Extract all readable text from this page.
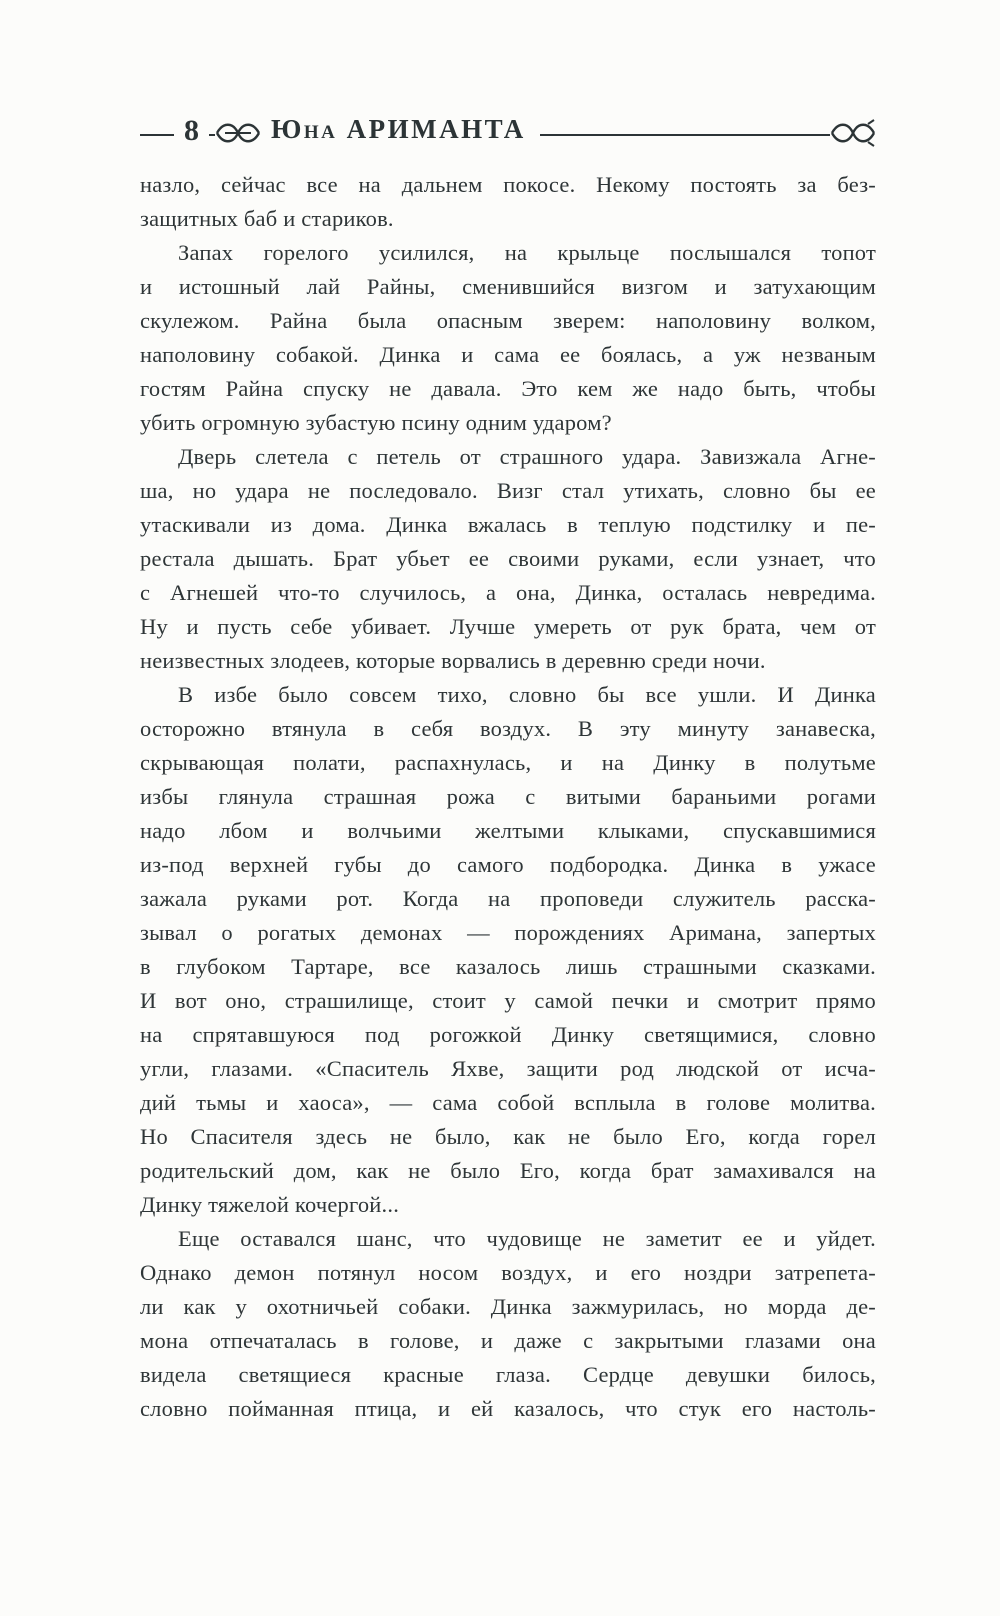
8	Юна АРИМАНТА
назло, сейчас все на дальнем покосе. Некому постоять за без-
защитных баб и стариков.
Запах горелого усилился, на крыльце послышался топот
и истошный лай Райны, сменившийся визгом и затухающим
скулежом. Райна была опасным зверем: наполовину волком,
наполовину собакой. Динка и сама ее боялась, а уж незваным
гостям Райна спуску не давала. Это кем же надо быть, чтобы
убить огромную зубастую псину одним ударом?
Дверь слетела с петель от страшного удара. Завизжала Агне-
ша, но удара не последовало. Визг стал утихать, словно бы ее
утаскивали из дома. Динка вжалась в теплую подстилку и пе-
рестала дышать. Брат убьет ее своими руками, если узнает, что
с Агнешей что-то случилось, а она, Динка, осталась невредима.
Ну и пусть себе убивает. Лучше умереть от рук брата, чем от
неизвестных злодеев, которые ворвались в деревню среди ночи.
В избе было совсем тихо, словно бы все ушли. И Динка
осторожно втянула в себя воздух. В эту минуту занавеска,
скрывающая полати, распахнулась, и на Динку в полутьме
избы глянула страшная рожа с витыми бараньими рогами
надо лбом и волчьими желтыми клыками, спускавшимися
из-под верхней губы до самого подбородка. Динка в ужасе
зажала руками рот. Когда на проповеди служитель расска-
зывал о рогатых демонах — порождениях Аримана, запертых
в глубоком Тартаре, все казалось лишь страшными сказками.
И вот оно, страшилище, стоит у самой печки и смотрит прямо
на спрятавшуюся под рогожкой Динку светящимися, словно
угли, глазами. «Спаситель Яхве, защити род людской от исча-
дий тьмы и хаоса», — сама собой всплыла в голове молитва.
Но Спасителя здесь не было, как не было Его, когда горел
родительский дом, как не было Его, когда брат замахивался на
Динку тяжелой кочергой...
Еще оставался шанс, что чудовище не заметит ее и уйдет.
Однако демон потянул носом воздух, и его ноздри затрепета-
ли как у охотничьей собаки. Динка зажмурилась, но морда де-
мона отпечаталась в голове, и даже с закрытыми глазами она
видела светящиеся красные глаза. Сердце девушки билось,
словно пойманная птица, и ей казалось, что стук его настоль-
